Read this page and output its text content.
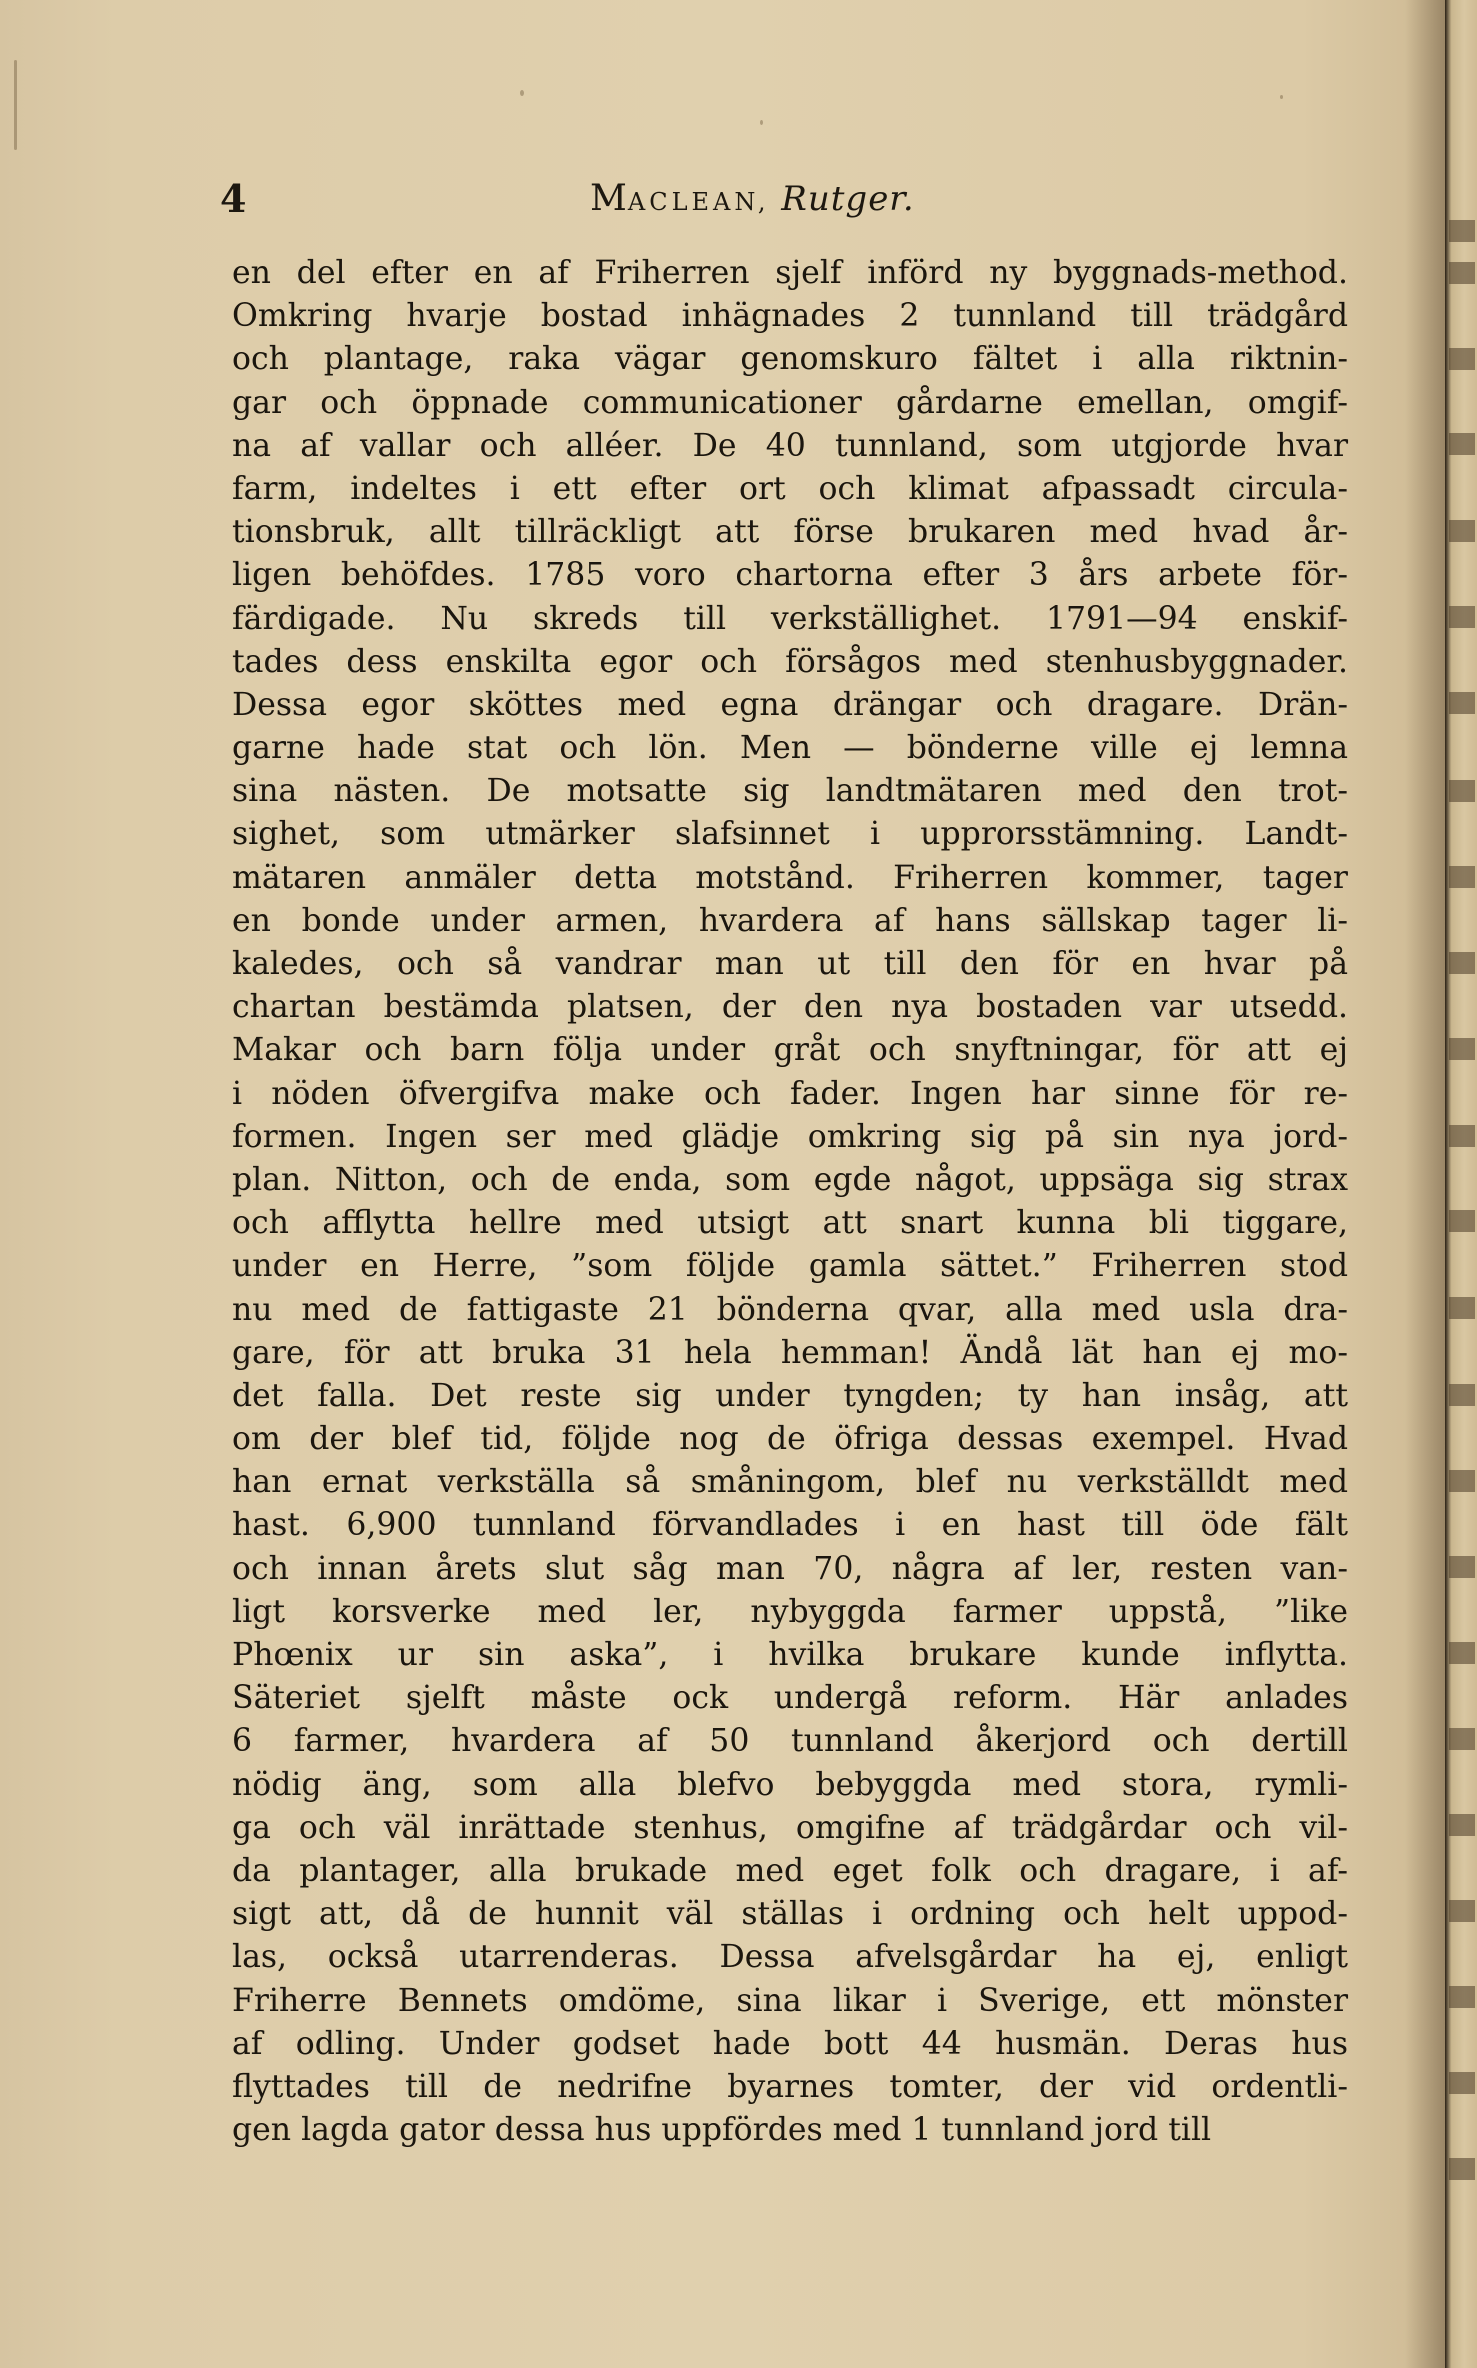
4	MACLEAN, Rutger.
en del efter en af Friherren sjelf införd ny byggnads-method.
Omkring hvarje bostad inhägnades 2 tunnland till trädgård
och plantage, raka vägar genomskuro fältet i alla riktnin-
gar och öppnade communicationer gårdarne emellan, omgif-
na af vallar och alléer. De 40 tunnland, som utgjorde hvar
farm, indeltes i ett efter ort och klimat afpassadt circula-
tionsbruk, allt tillräckligt att förse brukaren med hvad år-
ligen behöfdes. 1785 voro chartorna efter 3 års arbete för-
färdigade. Nu skreds till verkställighet. 1791—94 enskif-
tades dess enskilta egor och försågos med stenhusbyggnader.
Dessa egor sköttes med egna drängar och dragare. Drän-
garne hade stat och lön. Men — bönderne ville ej lemna
sina nästen. De motsatte sig landtmätaren med den trot-
sighet, som utmärker slafsinnet i upprorsstämning. Landt-
mätaren anmäler detta motstånd. Friherren kommer, tager
en bonde under armen, hvardera af hans sällskap tager li-
kaledes, och så vandrar man ut till den för en hvar på
chartan bestämda platsen, der den nya bostaden var utsedd.
Makar och barn följa under gråt och snyftningar, för att ej
i nöden öfvergifva make och fader. Ingen har sinne för re-
formen. Ingen ser med glädje omkring sig på sin nya jord-
plan. Nitton, och de enda, som egde något, uppsäga sig strax
och afflytta hellre med utsigt att snart kunna bli tiggare,
under en Herre, ”som följde gamla sättet.” Friherren stod
nu med de fattigaste 21 bönderna qvar, alla med usla dra-
gare, för att bruka 31 hela hemman! Ändå lät han ej mo-
det falla. Det reste sig under tyngden; ty han insåg, att
om der blef tid, följde nog de öfriga dessas exempel. Hvad
han ernat verkställa så småningom, blef nu verkställdt med
hast. 6,900 tunnland förvandlades i en hast till öde fält
och innan årets slut såg man 70, några af ler, resten van-
ligt korsverke med ler, nybyggda farmer uppstå, ”like
Phœnix ur sin aska”, i hvilka brukare kunde inflytta.
Säteriet sjelft måste ock undergå reform. Här anlades
6 farmer, hvardera af 50 tunnland åkerjord och dertill
nödig äng, som alla blefvo bebyggda med stora, rymli-
ga och väl inrättade stenhus, omgifne af trädgårdar och vil-
da plantager, alla brukade med eget folk och dragare, i af-
sigt att, då de hunnit väl ställas i ordning och helt uppod-
las, också utarrenderas. Dessa afvelsgårdar ha ej, enligt
Friherre Bennets omdöme, sina likar i Sverige, ett mönster
af odling. Under godset hade bott 44 husmän. Deras hus
flyttades till de nedrifne byarnes tomter, der vid ordentli-
gen lagda gator dessa hus uppfördes med 1 tunnland jord till
